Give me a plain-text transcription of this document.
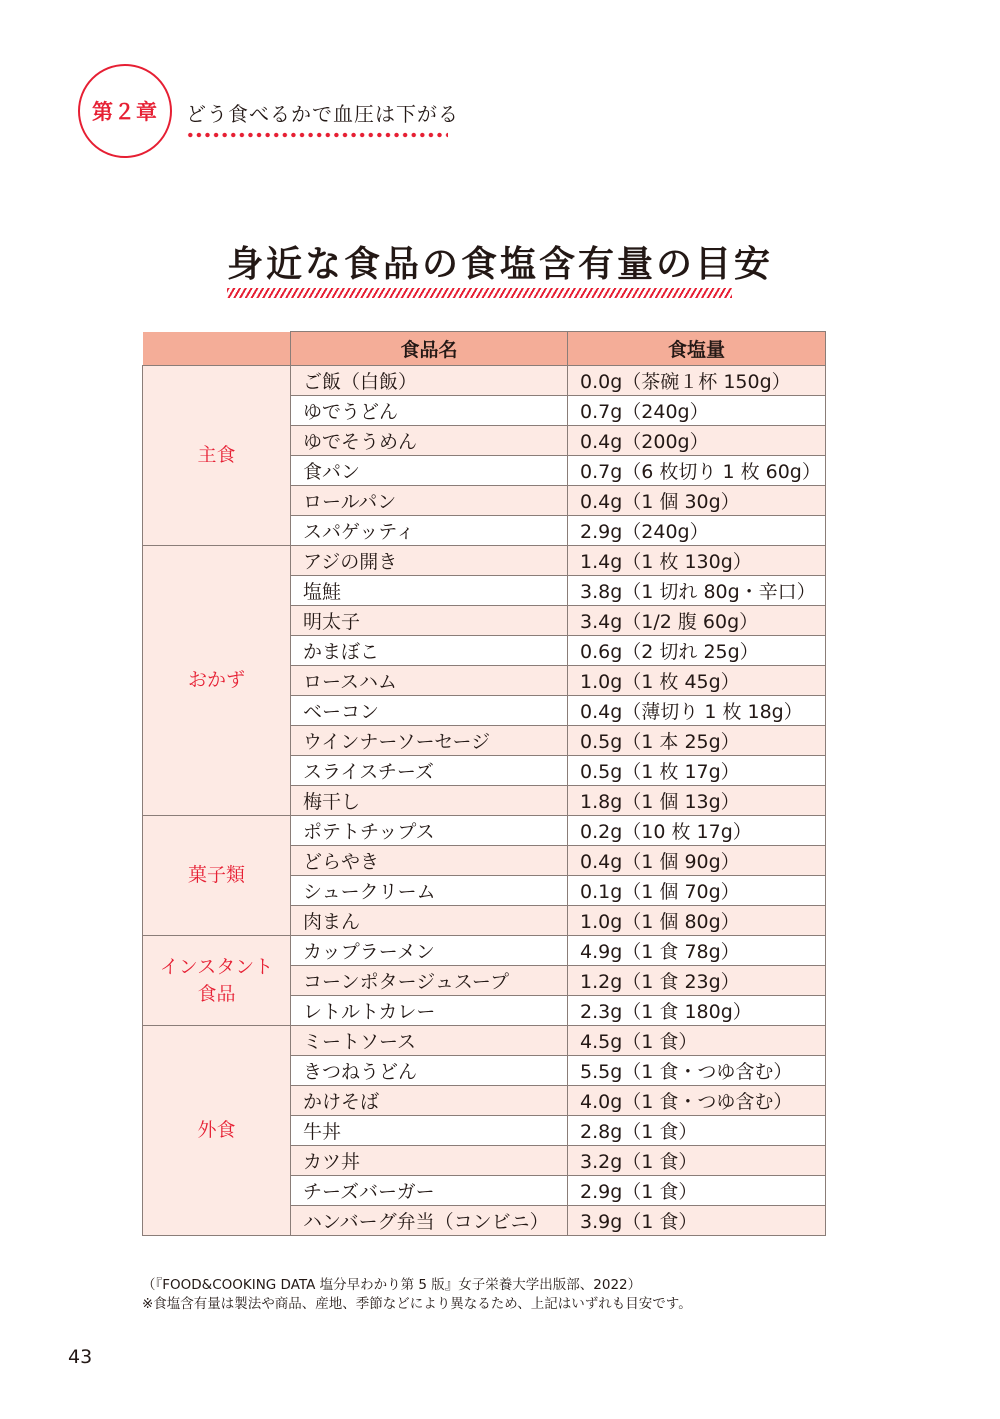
第２章 どう食べるかで血圧は下がる
身近な食品の食塩含有量の目安
	食品名	食塩量
主食	ご飯（白飯）	0.0g（茶碗１杯 150g）
	ゆでうどん	0.7g（240g）
	ゆでそうめん	0.4g（200g）
	食パン	0.7g（6 枚切り 1 枚 60g）
	ロールパン	0.4g（1 個 30g）
	スパゲッティ	2.9g（240g）
おかず	アジの開き	1.4g（1 枚 130g）
	塩鮭	3.8g（1 切れ 80g・辛口）
	明太子	3.4g（1/2 腹 60g）
	かまぼこ	0.6g（2 切れ 25g）
	ロースハム	1.0g（1 枚 45g）
	ベーコン	0.4g（薄切り 1 枚 18g）
	ウインナーソーセージ	0.5g（1 本 25g）
	スライスチーズ	0.5g（1 枚 17g）
	梅干し	1.8g（1 個 13g）
菓子類	ポテトチップス	0.2g（10 枚 17g）
	どらやき	0.4g（1 個 90g）
	シュークリーム	0.1g（1 個 70g）
	肉まん	1.0g（1 個 80g）
インスタント
食品	カップラーメン	4.9g（1 食 78g）
	コーンポタージュスープ	1.2g（1 食 23g）
	レトルトカレー	2.3g（1 食 180g）
外食	ミートソース	4.5g（1 食）
	きつねうどん	5.5g（1 食・つゆ含む）
	かけそば	4.0g（1 食・つゆ含む）
	牛丼	2.8g（1 食）
	カツ丼	3.2g（1 食）
	チーズバーガー	2.9g（1 食）
	ハンバーグ弁当（コンビニ）	3.9g（1 食）
（『FOOD&COOKING DATA 塩分早わかり第 5 版』女子栄養大学出版部、2022）
※食塩含有量は製法や商品、産地、季節などにより異なるため、上記はいずれも目安です。
43
